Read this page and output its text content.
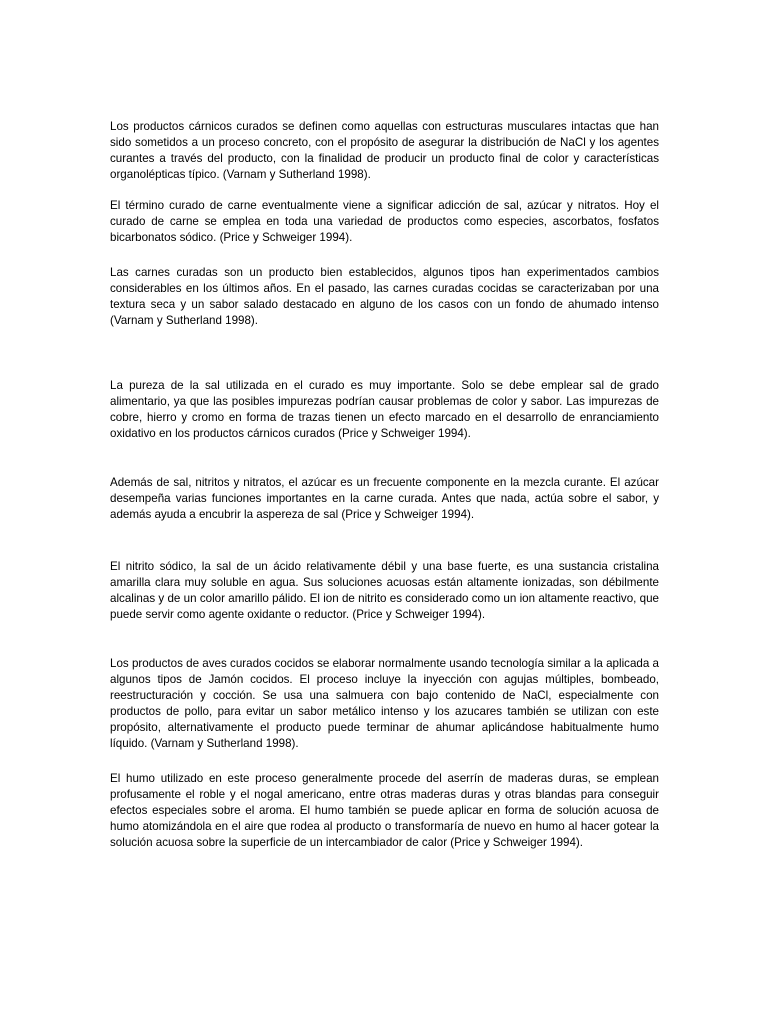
Los productos cárnicos curados se definen como aquellas con estructuras musculares intactas que han sido sometidos a un proceso concreto, con el propósito de asegurar la distribución de NaCl y los agentes curantes a través del producto, con la finalidad de producir un producto final de color y características organolépticas típico. (Varnam y Sutherland 1998).

El término curado de carne eventualmente viene a significar adicción de sal, azúcar y nitratos. Hoy el curado de carne se emplea en toda una variedad de productos como especies, ascorbatos, fosfatos bicarbonatos sódico. (Price y Schweiger 1994).

Las carnes curadas son un producto bien establecidos, algunos tipos han experimentados cambios considerables en los últimos años. En el pasado, las carnes curadas cocidas se caracterizaban por una textura seca y un sabor salado destacado en alguno de los casos con un fondo de ahumado intenso (Varnam y Sutherland 1998).

La pureza de la sal utilizada en el curado es muy importante. Solo se debe emplear sal de grado alimentario, ya que las posibles impurezas podrían causar problemas de color y sabor. Las impurezas de cobre, hierro y cromo en forma de trazas tienen un efecto marcado en el desarrollo de enranciamiento oxidativo en los productos cárnicos curados (Price y Schweiger 1994).

Además de sal, nitritos y nitratos, el azúcar es un frecuente componente en la mezcla curante. El azúcar desempeña varias funciones importantes en la carne curada. Antes que nada, actúa sobre el sabor, y además ayuda a encubrir la aspereza de sal (Price y Schweiger 1994).

El nitrito sódico, la sal de un ácido relativamente débil y una base fuerte, es una sustancia cristalina amarilla clara muy soluble en agua. Sus soluciones acuosas están altamente ionizadas, son débilmente alcalinas y de un color amarillo pálido. El ion de nitrito es considerado como un ion altamente reactivo, que puede servir como agente oxidante o reductor. (Price y Schweiger 1994).

Los productos de aves curados cocidos se elaborar normalmente usando tecnología similar a la aplicada a algunos tipos de Jamón cocidos. El proceso incluye la inyección con agujas múltiples, bombeado, reestructuración y cocción. Se usa una salmuera con bajo contenido de NaCl, especialmente con productos de pollo, para evitar un sabor metálico intenso y los azucares también se utilizan con este propósito, alternativamente el producto puede terminar de ahumar aplicándose habitualmente humo líquido. (Varnam y Sutherland 1998).

El humo utilizado en este proceso generalmente procede del aserrín de maderas duras, se emplean profusamente el roble y el nogal americano, entre otras maderas duras y otras blandas para conseguir efectos especiales sobre el aroma. El humo también se puede aplicar en forma de solución acuosa de humo atomizándola en el aire que rodea al producto o transformaría de nuevo en humo al hacer gotear la solución acuosa sobre la superficie de un intercambiador de calor (Price y Schweiger 1994).
